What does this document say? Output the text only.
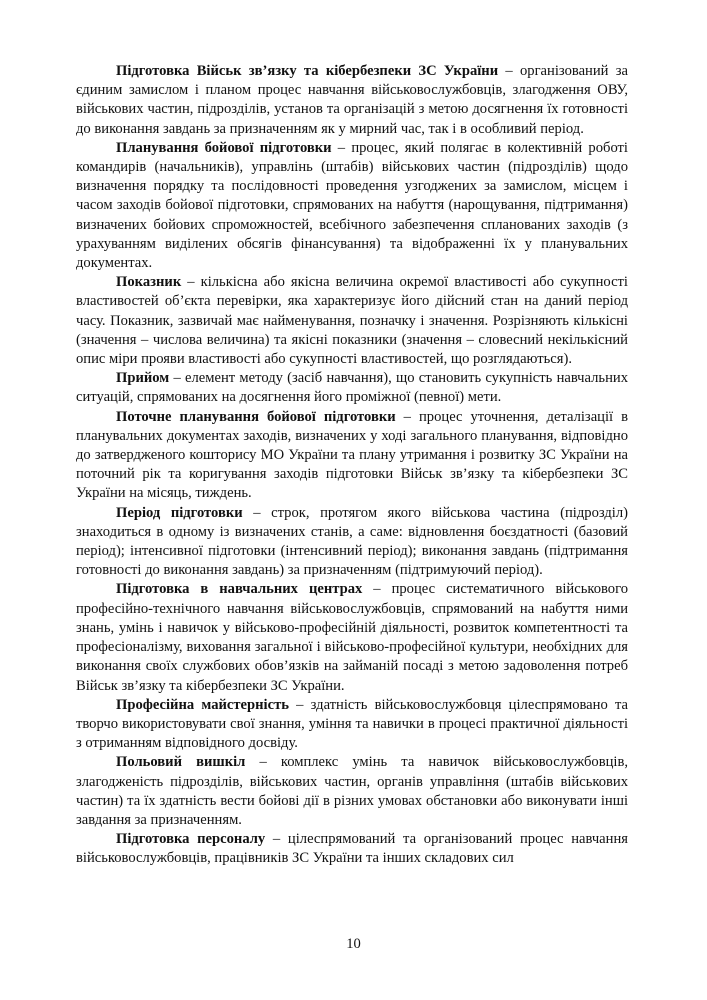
Підготовка Військ зв’язку та кібербезпеки ЗС України – організований за єдиним замислом і планом процес навчання військовослужбовців, злагодження ОВУ, військових частин, підрозділів, установ та організацій з метою досягнення їх готовності до виконання завдань за призначенням як у мирний час, так і в особливий період.

Планування бойової підготовки – процес, який полягає в колективній роботі командирів (начальників), управлінь (штабів) військових частин (підрозділів) щодо визначення порядку та послідовності проведення узгоджених за замислом, місцем і часом заходів бойової підготовки, спрямованих на набуття (нарощування, підтримання) визначених бойових спроможностей, всебічного забезпечення спланованих заходів (з урахуванням виділених обсягів фінансування) та відображенні їх у планувальних документах.

Показник – кількісна або якісна величина окремої властивості або сукупності властивостей об’єкта перевірки, яка характеризує його дійсний стан на даний період часу. Показник, зазвичай має найменування, позначку і значення. Розрізняють кількісні (значення – числова величина) та якісні показники (значення – словесний некількісний опис міри прояви властивості або сукупності властивостей, що розглядаються).

Прийом – елемент методу (засіб навчання), що становить сукупність навчальних ситуацій, спрямованих на досягнення його проміжної (певної) мети.

Поточне планування бойової підготовки – процес уточнення, деталізації в планувальних документах заходів, визначених у ході загального планування, відповідно до затвердженого кошторису МО України та плану утримання і розвитку ЗС України на поточний рік та коригування заходів підготовки Військ зв’язку та кібербезпеки ЗС України на місяць, тиждень.

Період підготовки – строк, протягом якого військова частина (підрозділ) знаходиться в одному із визначених станів, а саме: відновлення боєздатності (базовий період); інтенсивної підготовки (інтенсивний період); виконання завдань (підтримання готовності до виконання завдань) за призначенням (підтримуючий період).

Підготовка в навчальних центрах – процес систематичного військового професійно-технічного навчання військовослужбовців, спрямований на набуття ними знань, умінь і навичок у військово-професійній діяльності, розвиток компетентності та професіоналізму, виховання загальної і військово-професійної культури, необхідних для виконання своїх службових обов’язків на займаній посаді з метою задоволення потреб Військ зв’язку та кібербезпеки ЗС України.

Професійна майстерність – здатність військовослужбовця цілеспрямовано та творчо використовувати свої знання, уміння та навички в процесі практичної діяльності з отриманням відповідного досвіду.

Польовий вишкіл – комплекс умінь та навичок військовослужбовців, злагодженість підрозділів, військових частин, органів управління (штабів військових частин) та їх здатність вести бойові дії в різних умовах обстановки або виконувати інші завдання за призначенням.

Підготовка персоналу – цілеспрямований та організований процес навчання військовослужбовців, працівників ЗС України та інших складових сил

10
